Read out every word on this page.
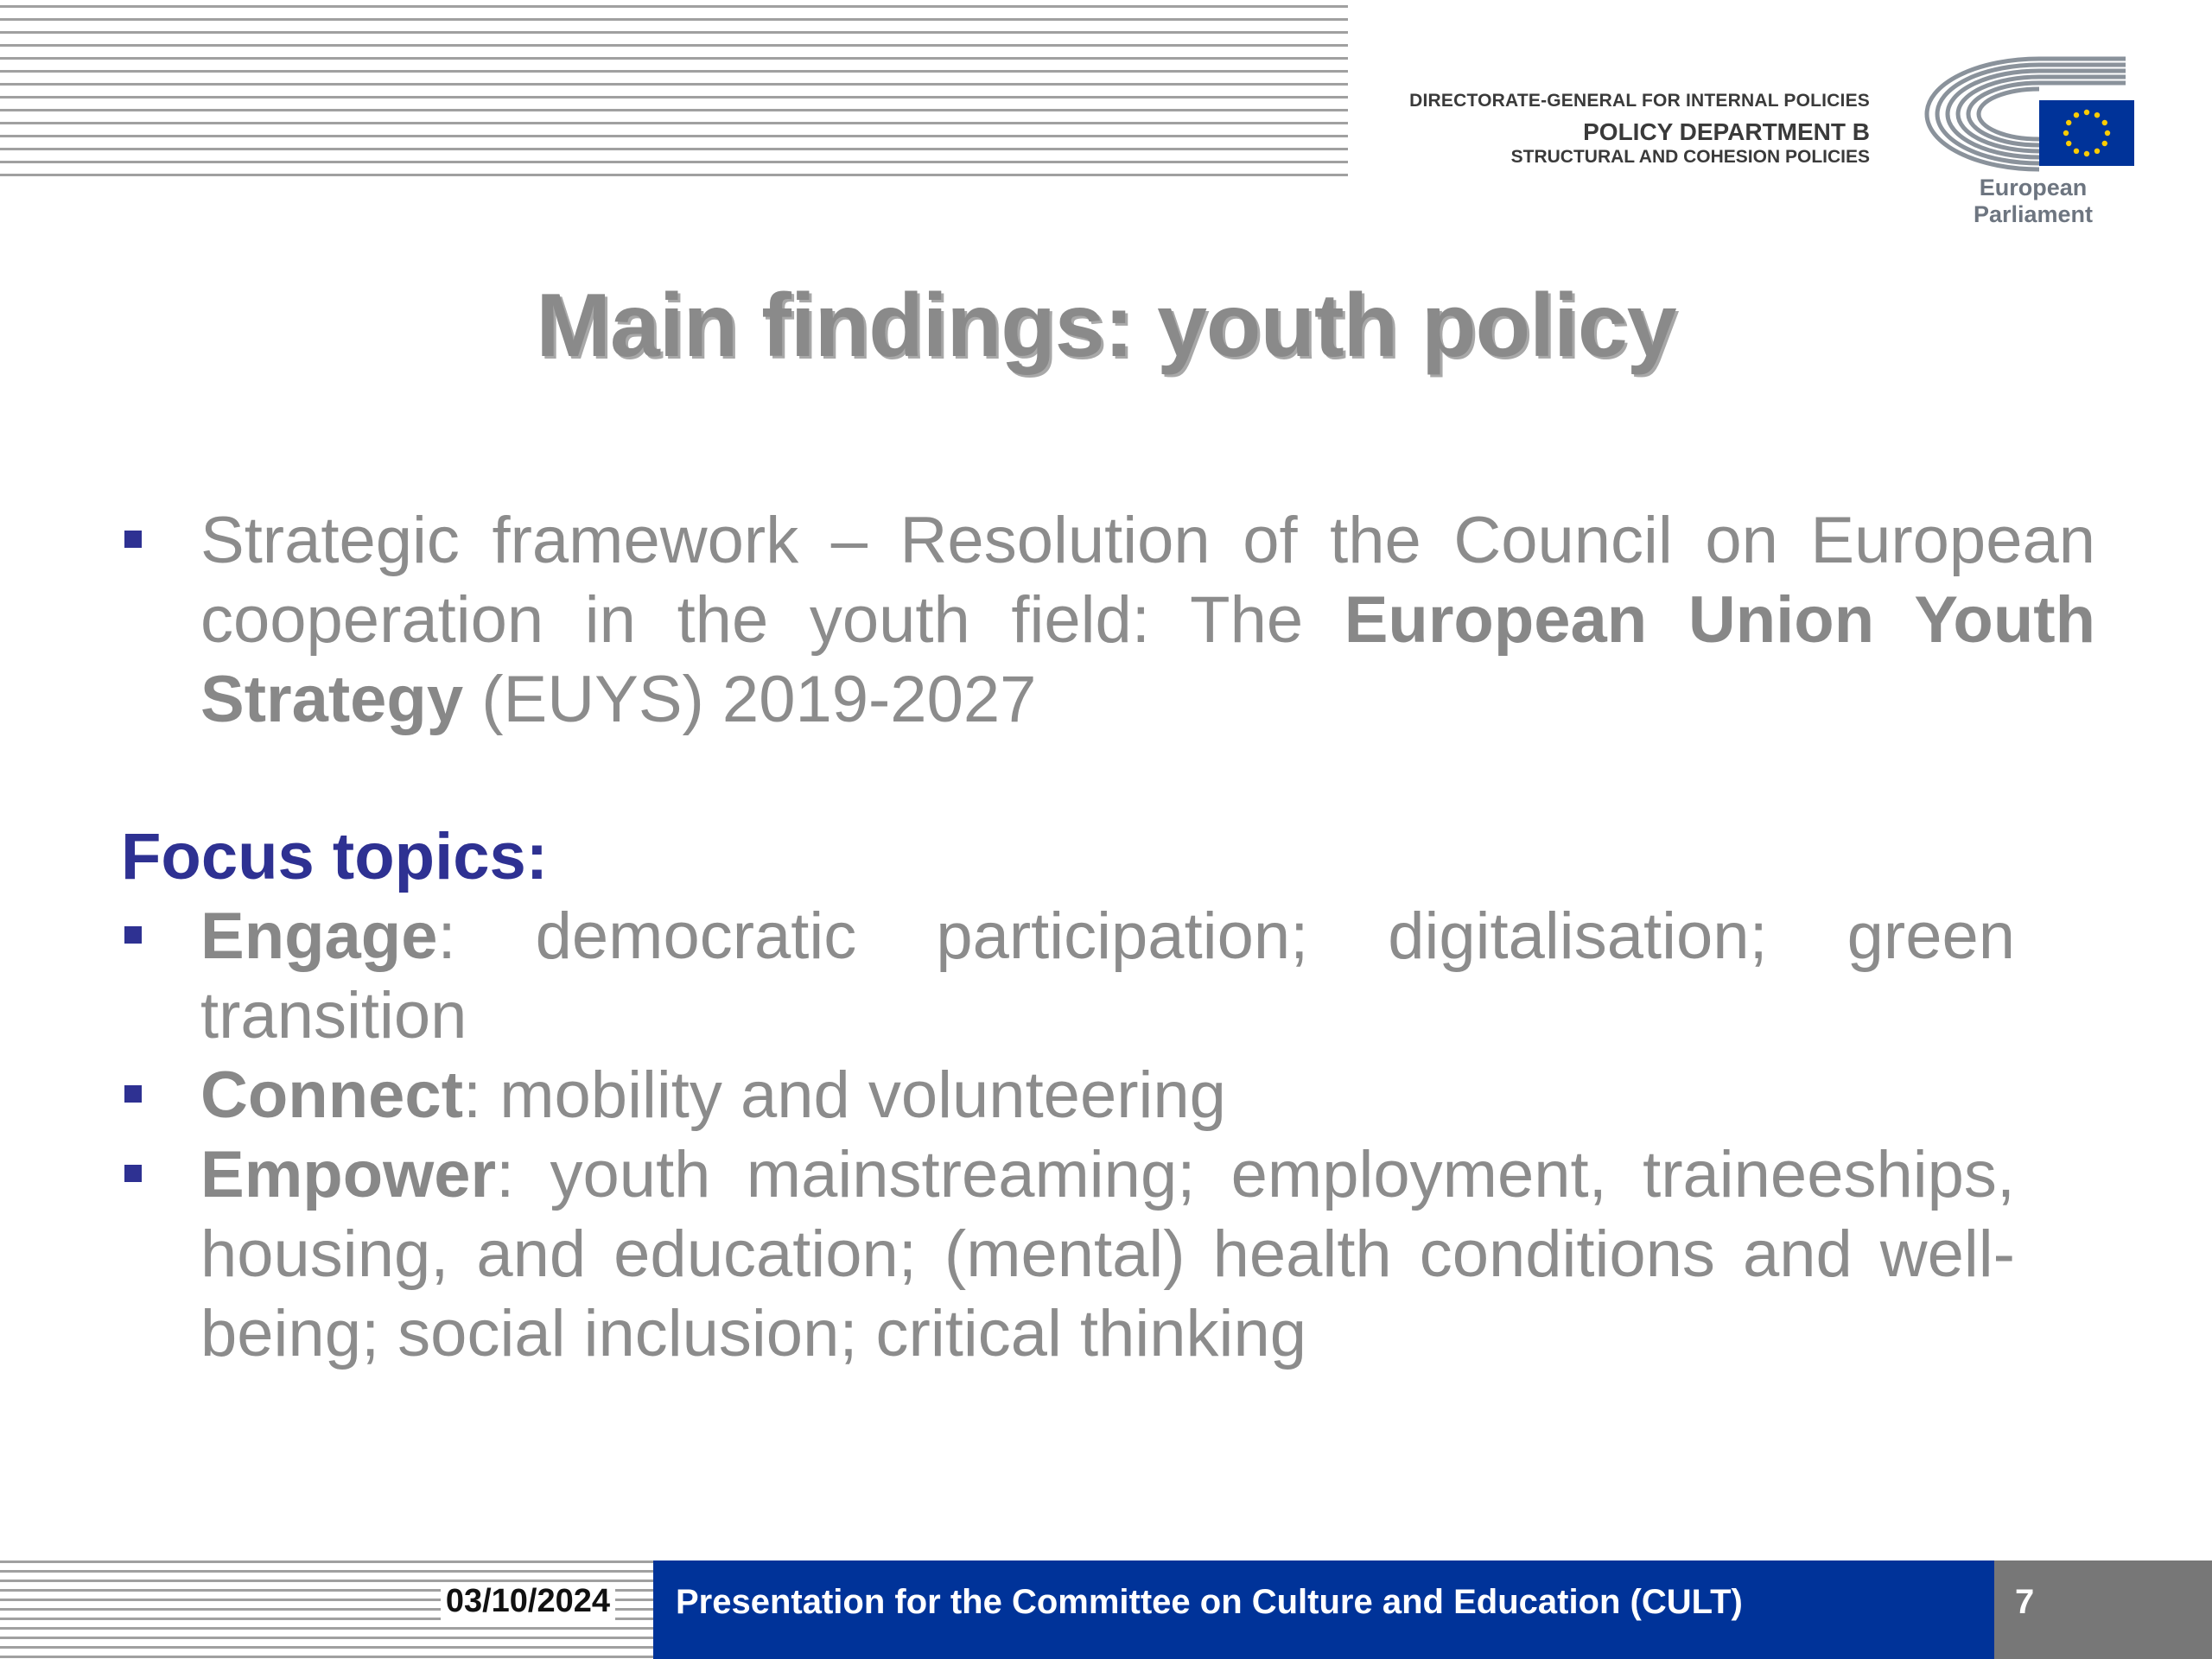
DIRECTORATE-GENERAL FOR INTERNAL POLICIES
POLICY DEPARTMENT B
STRUCTURAL AND COHESION POLICIES
European Parliament
Main findings: youth policy
Strategic framework – Resolution of the Council on European cooperation in the youth field: The European Union Youth Strategy (EUYS) 2019-2027
Focus topics:
Engage: democratic participation; digitalisation; green transition
Connect: mobility and volunteering
Empower: youth mainstreaming; employment, traineeships, housing, and education; (mental) health conditions and well-being; social inclusion; critical thinking
03/10/2024 Presentation for the Committee on Culture and Education (CULT)	7
